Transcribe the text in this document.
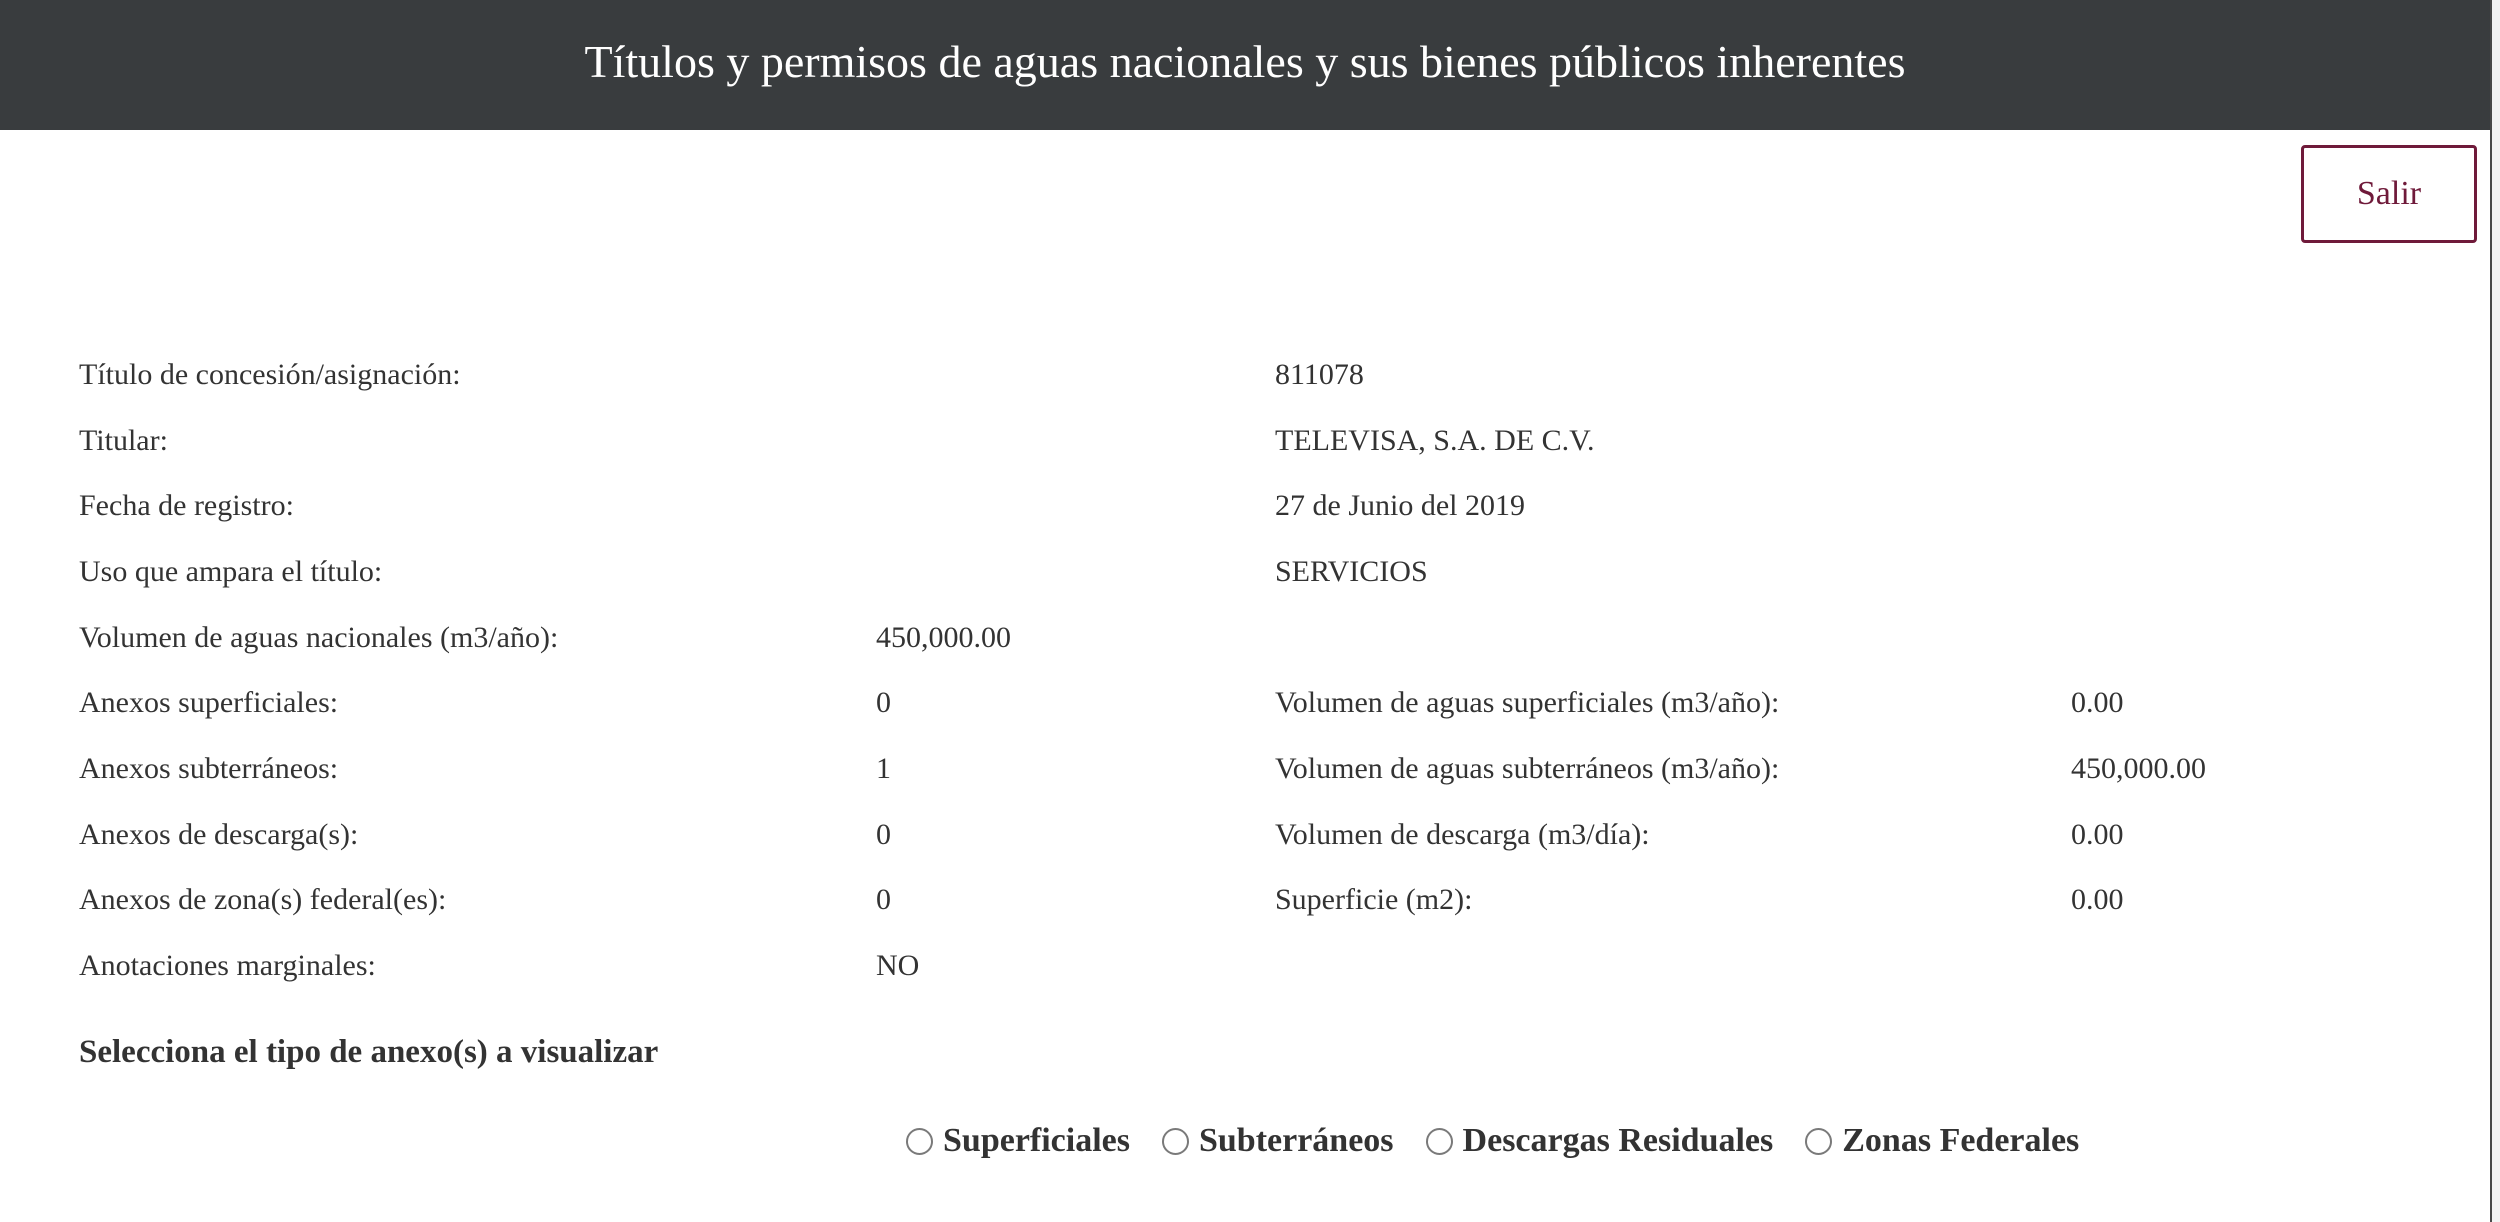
Títulos y permisos de aguas nacionales y sus bienes públicos inherentes
Salir
Título de concesión/asignación:	811078
Titular:	TELEVISA, S.A. DE C.V.
Fecha de registro:	27 de Junio del 2019
Uso que ampara el título:	SERVICIOS
Volumen de aguas nacionales (m3/año):	450,000.00
Anexos superficiales:	0	Volumen de aguas superficiales (m3/año):	0.00
Anexos subterráneos:	1	Volumen de aguas subterráneos (m3/año):	450,000.00
Anexos de descarga(s):	0	Volumen de descarga (m3/día):	0.00
Anexos de zona(s) federal(es):	0	Superficie (m2):	0.00
Anotaciones marginales:	NO
Selecciona el tipo de anexo(s) a visualizar
Superficiales Subterráneos Descargas Residuales Zonas Federales
